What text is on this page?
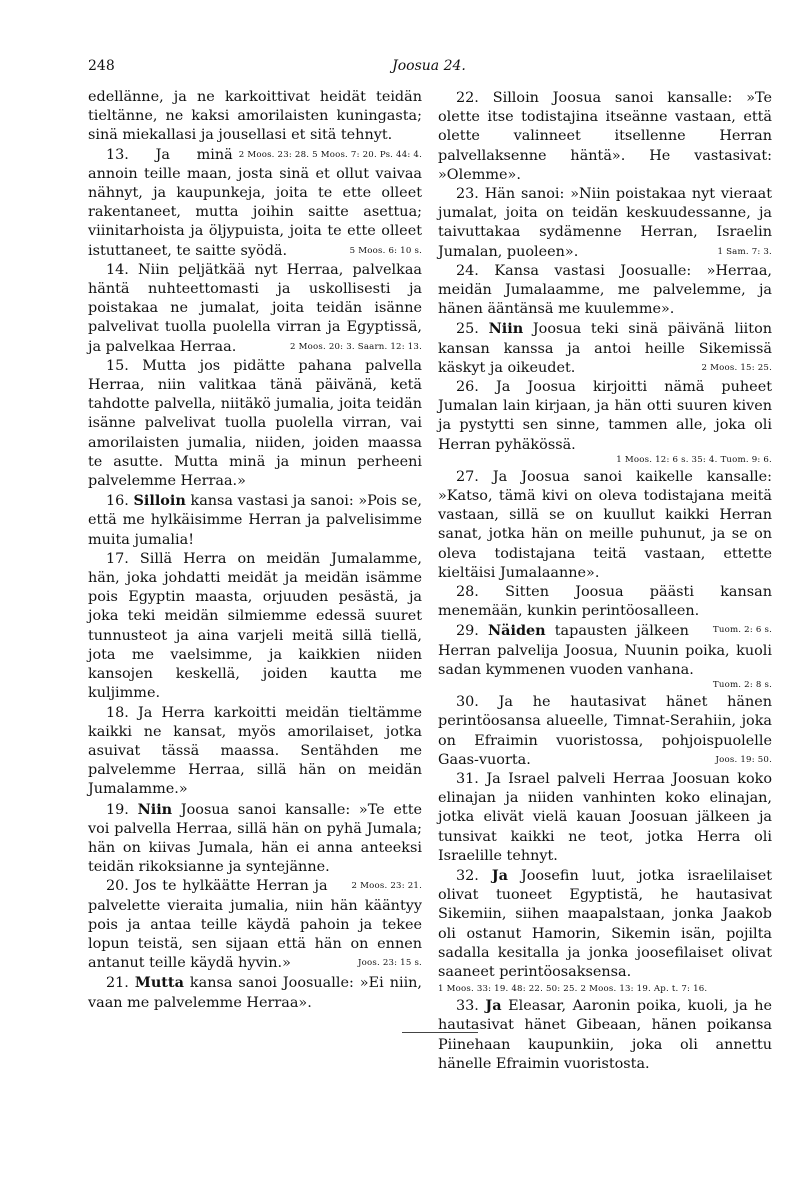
248	Joosua 24.

edellänne, ja ne karkoittivat heidät teidän tieltänne, ne kaksi amorilaisten kuningasta; sinä miekallasi ja jousellasi et sitä tehnyt.
2 Moos. 23: 28. 5 Moos. 7: 20. Ps. 44: 4.

13. Ja minä annoin teille maan, josta sinä et ollut vaivaa nähnyt, ja kaupunkeja, joita te ette olleet rakentaneet, mutta joihin saitte asettua; viinitarhoista ja öljypuista, joita te ette olleet istuttaneet, te saitte syödä.	5 Moos. 6: 10 s.

14. Niin peljätkää nyt Herraa, palvelkaa häntä nuhteettomasti ja uskollisesti ja poistakaa ne jumalat, joita teidän isänne palvelivat tuolla puolella virran ja Egyptissä, ja palvelkaa Herraa.	2 Moos. 20: 3. Saarn. 12: 13.

15. Mutta jos pidätte pahana palvella Herraa, niin valitkaa tänä päivänä, ketä tahdotte palvella, niitäkö jumalia, joita teidän isänne palvelivat tuolla puolella virran, vai amorilaisten jumalia, niiden, joiden maassa te asutte. Mutta minä ja minun perheeni palvelemme Herraa.»

16. Silloin kansa vastasi ja sanoi: »Pois se, että me hylkäisimme Herran ja palvelisimme muita jumalia!

17. Sillä Herra on meidän Jumalamme, hän, joka johdatti meidät ja meidän isämme pois Egyptin maasta, orjuuden pesästä, ja joka teki meidän silmiemme edessä suuret tunnusteot ja aina varjeli meitä sillä tiellä, jota me vaelsimme, ja kaikkien niiden kansojen keskellä, joiden kautta me kuljimme.

18. Ja Herra karkoitti meidän tieltämme kaikki ne kansat, myös amorilaiset, jotka asuivat tässä maassa. Sentähden me palvelemme Herraa, sillä hän on meidän Jumalamme.»

19. Niin Joosua sanoi kansalle: »Te ette voi palvella Herraa, sillä hän on pyhä Jumala; hän on kiivas Jumala, hän ei anna anteeksi teidän rikoksianne ja syntejänne.
2 Moos. 23: 21.

20. Jos te hylkäätte Herran ja palvelette vieraita jumalia, niin hän kääntyy pois ja antaa teille käydä pahoin ja tekee lopun teistä, sen sijaan että hän on ennen antanut teille käydä hyvin.»	Joos. 23: 15 s.

21. Mutta kansa sanoi Joosualle: »Ei niin, vaan me palvelemme Herraa».

22. Silloin Joosua sanoi kansalle: »Te olette itse todistajina itseänne vastaan, että olette valinneet itsellenne Herran palvellaksenne häntä». He vastasivat: »Olemme».

23. Hän sanoi: »Niin poistakaa nyt vieraat jumalat, joita on teidän keskuudessanne, ja taivuttakaa sydämenne Herran, Israelin Jumalan, puoleen».	1 Sam. 7: 3.

24. Kansa vastasi Joosualle: »Herraa, meidän Jumalaamme, me palvelemme, ja hänen ääntänsä me kuulemme».

25. Niin Joosua teki sinä päivänä liiton kansan kanssa ja antoi heille Sikemissä käskyt ja oikeudet.	2 Moos. 15: 25.

26. Ja Joosua kirjoitti nämä puheet Jumalan lain kirjaan, ja hän otti suuren kiven ja pystytti sen sinne, tammen alle, joka oli Herran pyhäkössä.
1 Moos. 12: 6 s. 35: 4. Tuom. 9: 6.

27. Ja Joosua sanoi kaikelle kansalle: »Katso, tämä kivi on oleva todistajana meitä vastaan, sillä se on kuullut kaikki Herran sanat, jotka hän on meille puhunut, ja se on oleva todistajana teitä vastaan, ettette kieltäisi Jumalaanne».

28. Sitten Joosua päästi kansan menemään, kunkin perintöosalleen.
Tuom. 2: 6 s.

29. Näiden tapausten jälkeen Herran palvelija Joosua, Nuunin poika, kuoli sadan kymmenen vuoden vanhana.
Tuom. 2: 8 s.

30. Ja he hautasivat hänet hänen perintöosansa alueelle, Timnat-Serahiin, joka on Efraimin vuoristossa, pohjoispuolelle Gaas-vuorta.	Joos. 19: 50.

31. Ja Israel palveli Herraa Joosuan koko elinajan ja niiden vanhinten koko elinajan, jotka elivät vielä kauan Joosuan jälkeen ja tunsivat kaikki ne teot, jotka Herra oli Israelille tehnyt.

32. Ja Joosefin luut, jotka israelilaiset olivat tuoneet Egyptistä, he hautasivat Sikemiin, siihen maapalstaan, jonka Jaakob oli ostanut Hamorin, Sikemin isän, pojilta sadalla kesitalla ja jonka joosefilaiset olivat saaneet perintöosaksensa.
1 Moos. 33: 19. 48: 22. 50: 25. 2 Moos. 13: 19. Ap. t. 7: 16.

33. Ja Eleasar, Aaronin poika, kuoli, ja he hautasivat hänet Gibeaan, hänen poikansa Piinehaan kaupunkiin, joka oli annettu hänelle Efraimin vuoristosta.
